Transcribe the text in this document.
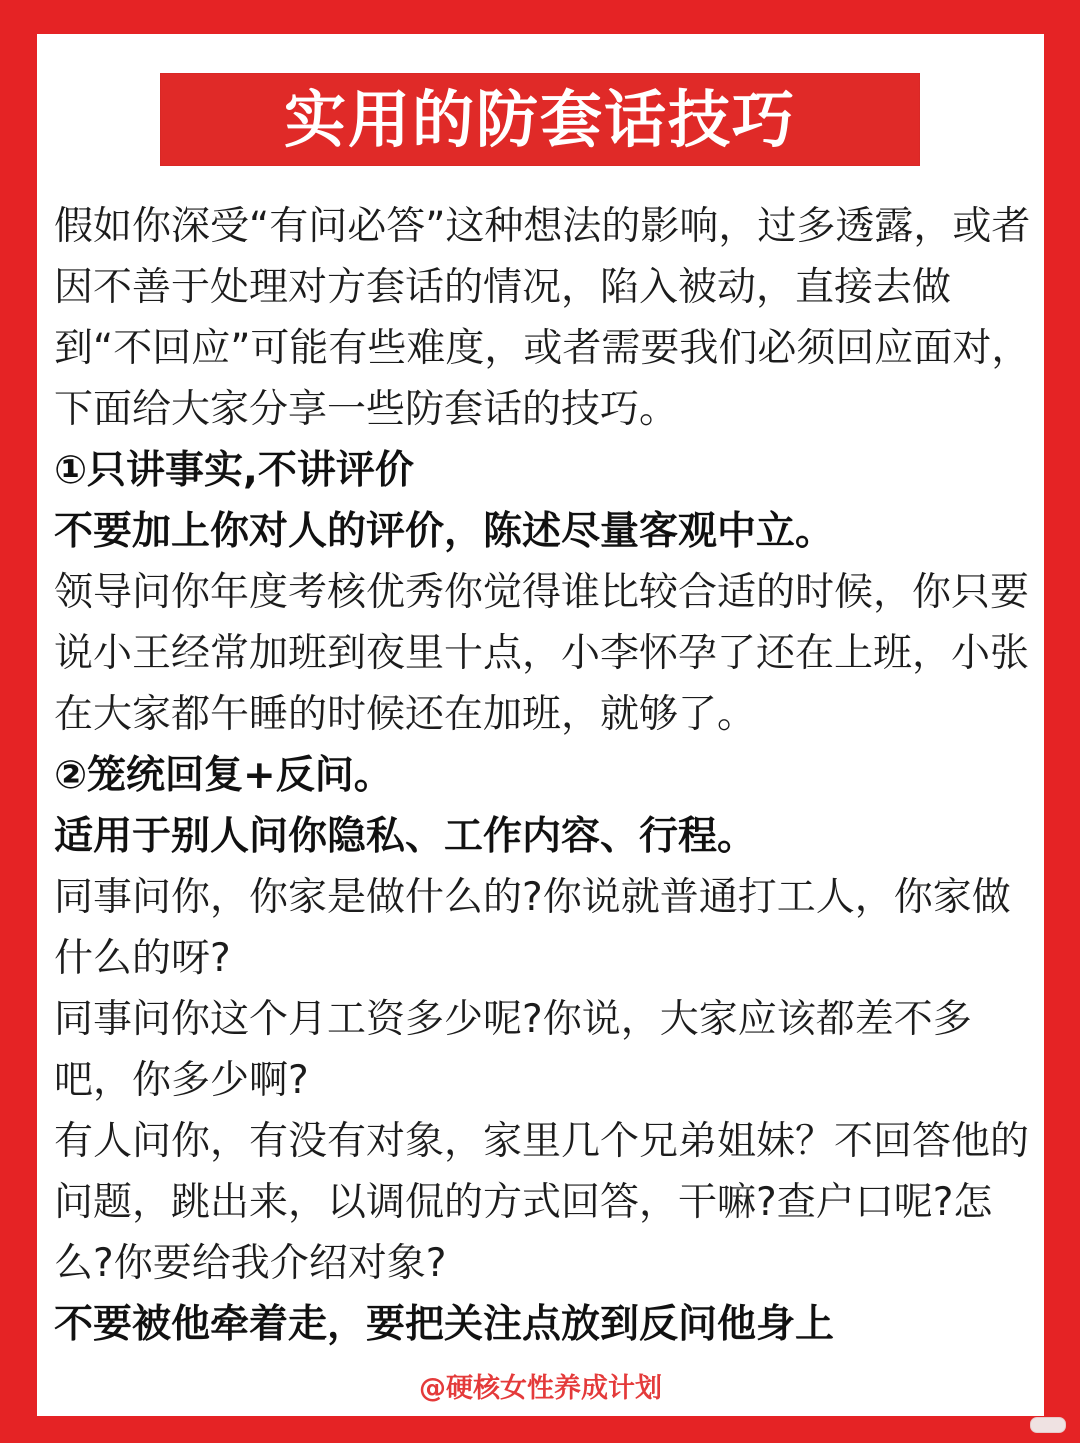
实用的防套话技巧

假如你深受“有问必答”这种想法的影响，过多透露，或者因不善于处理对方套话的情况，陷入被动，直接去做到“不回应”可能有些难度，或者需要我们必须回应面对，下面给大家分享一些防套话的技巧。

①只讲事实,不讲评价

不要加上你对人的评价，陈述尽量客观中立。

领导问你年度考核优秀你觉得谁比较合适的时候，你只要说小王经常加班到夜里十点，小李怀孕了还在上班，小张在大家都午睡的时候还在加班，就够了。

②笼统回复+反问。

适用于别人问你隐私、工作内容、行程。

同事问你，你家是做什么的?你说就普通打工人，你家做什么的呀?

同事问你这个月工资多少呢?你说，大家应该都差不多吧，你多少啊?

有人问你，有没有对象，家里几个兄弟姐妹？不回答他的问题，跳出来，以调侃的方式回答，干嘛?查户口呢?怎么?你要给我介绍对象?

不要被他牵着走，要把关注点放到反问他身上

@硬核女性养成计划
